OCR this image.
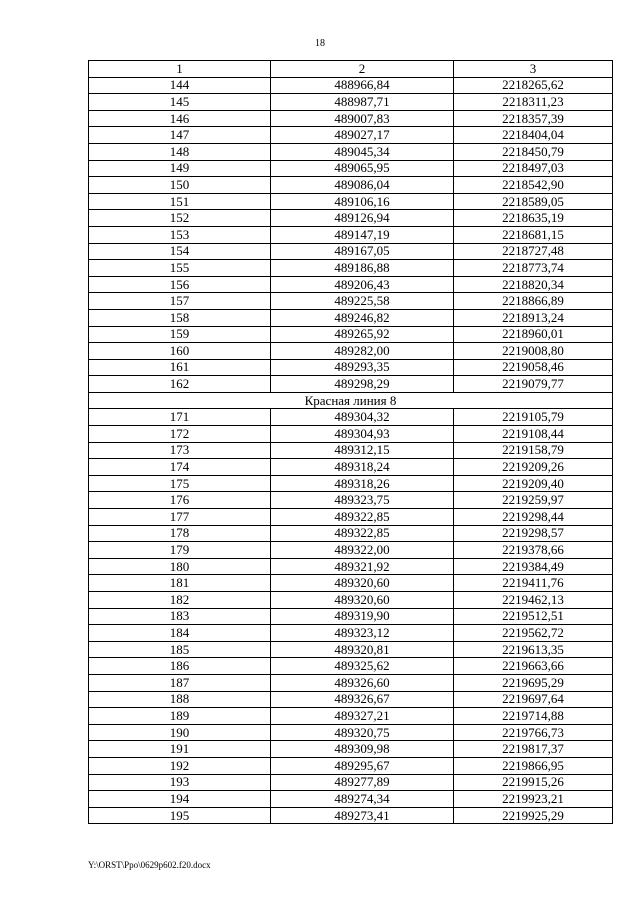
18
1	2	3
144	488966,84	2218265,62
145	488987,71	2218311,23
146	489007,83	2218357,39
147	489027,17	2218404,04
148	489045,34	2218450,79
149	489065,95	2218497,03
150	489086,04	2218542,90
151	489106,16	2218589,05
152	489126,94	2218635,19
153	489147,19	2218681,15
154	489167,05	2218727,48
155	489186,88	2218773,74
156	489206,43	2218820,34
157	489225,58	2218866,89
158	489246,82	2218913,24
159	489265,92	2218960,01
160	489282,00	2219008,80
161	489293,35	2219058,46
162	489298,29	2219079,77
Красная линия 8		
171	489304,32	2219105,79
172	489304,93	2219108,44
173	489312,15	2219158,79
174	489318,24	2219209,26
175	489318,26	2219209,40
176	489323,75	2219259,97
177	489322,85	2219298,44
178	489322,85	2219298,57
179	489322,00	2219378,66
180	489321,92	2219384,49
181	489320,60	2219411,76
182	489320,60	2219462,13
183	489319,90	2219512,51
184	489323,12	2219562,72
185	489320,81	2219613,35
186	489325,62	2219663,66
187	489326,60	2219695,29
188	489326,67	2219697,64
189	489327,21	2219714,88
190	489320,75	2219766,73
191	489309,98	2219817,37
192	489295,67	2219866,95
193	489277,89	2219915,26
194	489274,34	2219923,21
195	489273,41	2219925,29
Y:\ORST\Ppo\0629p602.f20.docx
